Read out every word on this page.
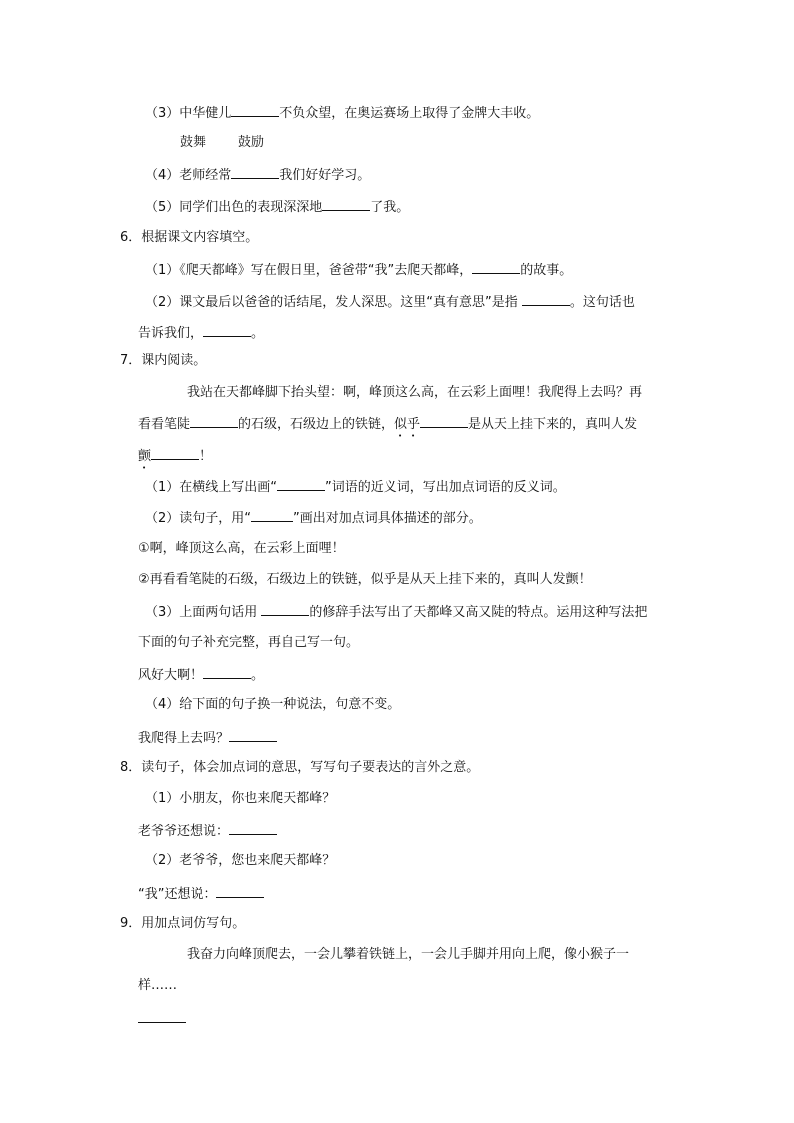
（3）中华健儿	不负众望，在奥运赛场上取得了金牌大丰收。
鼓舞 鼓励
（4）老师经常	我们好好学习。
（5）同学们出色的表现深深地	了我。
6．根据课文内容填空。
（1）《爬天都峰》写在假日里，爸爸带“我”去爬天都峰，	的故事。
（2）课文最后以爸爸的话结尾，发人深思。这里“真有意思”是指	。这句话也
告诉我们，	。
7．课内阅读。
我站在天都峰脚下抬头望：啊，峰顶这么高，在云彩上面哩！我爬得上去吗？再
看看笔陡	的石级，石级边上的铁链，似乎	是从天上挂下来的，真叫人发
颤	！
（1）在横线上写出画“	”词语的近义词，写出加点词语的反义词。
（2）读句子，用“	”画出对加点词具体描述的部分。
①啊，峰顶这么高，在云彩上面哩！
②再看看笔陡的石级，石级边上的铁链，似乎是从天上挂下来的，真叫人发颤！
（3）上面两句话用	的修辞手法写出了天都峰又高又陡的特点。运用这种写法把
下面的句子补充完整，再自己写一句。
风好大啊！	。
（4）给下面的句子换一种说法，句意不变。
我爬得上去吗？
8．读句子，体会加点词的意思，写写句子要表达的言外之意。
（1）小朋友，你也来爬天都峰？
老爷爷还想说：
（2）老爷爷，您也来爬天都峰？
“我”还想说：
9．用加点词仿写句。
我奋力向峰顶爬去，一会儿攀着铁链上，一会儿手脚并用向上爬，像小猴子一
样……
